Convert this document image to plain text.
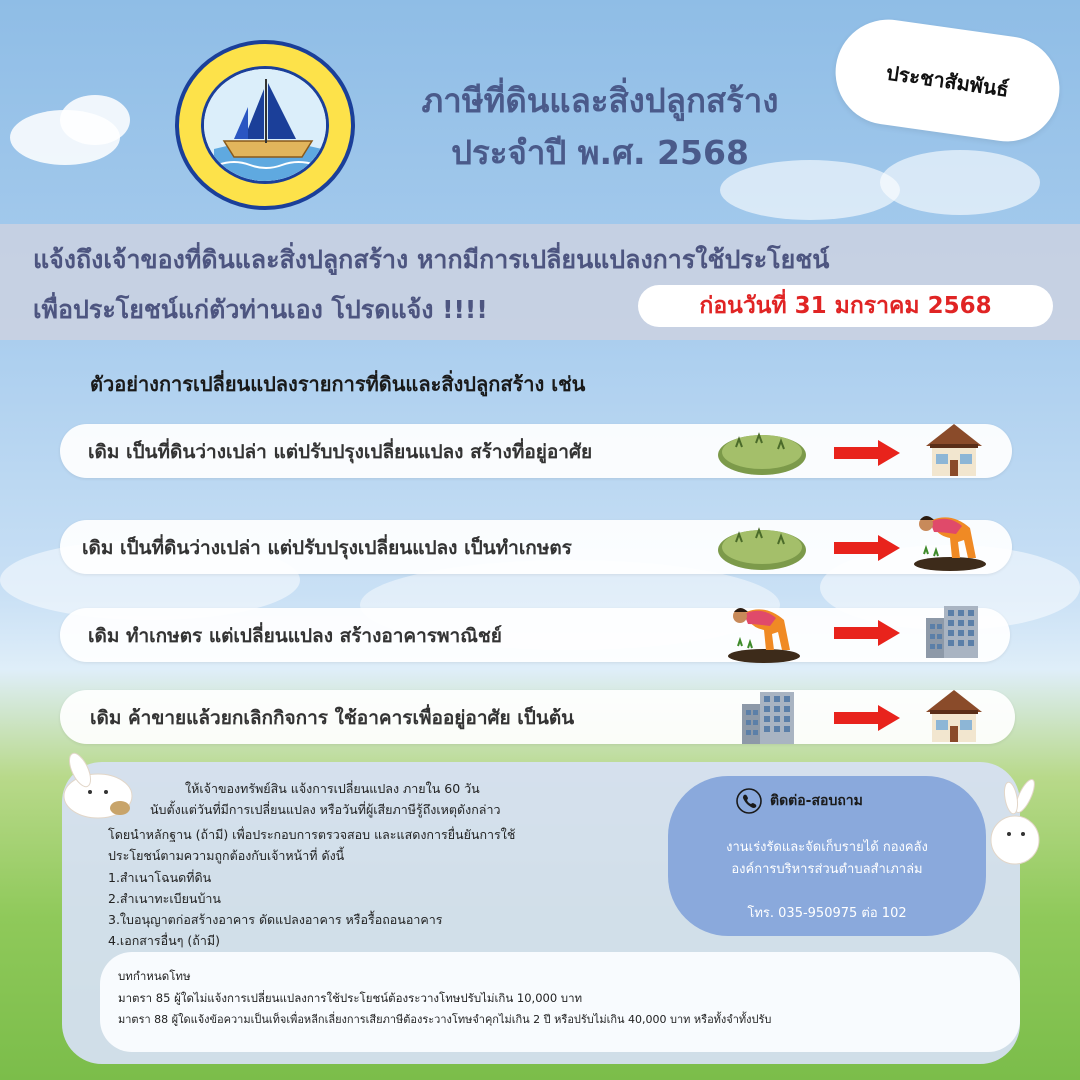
ภาษีที่ดินและสิ่งปลูกสร้าง
ประจำปี พ.ศ. 2568
ประชาสัมพันธ์
แจ้งถึงเจ้าของที่ดินและสิ่งปลูกสร้าง หากมีการเปลี่ยนแปลงการใช้ประโยชน์
เพื่อประโยชน์แก่ตัวท่านเอง โปรดแจ้ง !!!!	ก่อนวันที่ 31 มกราคม 2568
ตัวอย่างการเปลี่ยนแปลงรายการที่ดินและสิ่งปลูกสร้าง เช่น
เดิม เป็นที่ดินว่างเปล่า แต่ปรับปรุงเปลี่ยนแปลง สร้างที่อยู่อาศัย
เดิม เป็นที่ดินว่างเปล่า แต่ปรับปรุงเปลี่ยนแปลง เป็นทำเกษตร
เดิม ทำเกษตร แต่เปลี่ยนแปลง สร้างอาคารพาณิชย์
เดิม ค้าขายแล้วยกเลิกกิจการ ใช้อาคารเพื่ออยู่อาศัย เป็นต้น
ให้เจ้าของทรัพย์สิน แจ้งการเปลี่ยนแปลง ภายใน 60 วัน
นับตั้งแต่วันที่มีการเปลี่ยนแปลง หรือวันที่ผู้เสียภาษีรู้ถึงเหตุดังกล่าว
โดยนำหลักฐาน (ถ้ามี) เพื่อประกอบการตรวจสอบ และแสดงการยื่นยันการใช้
ประโยชน์ตามความถูกต้องกับเจ้าหน้าที่ ดังนี้
1.สำเนาโฉนดที่ดิน
2.สำเนาทะเบียนบ้าน
3.ใบอนุญาตก่อสร้างอาคาร ดัดแปลงอาคาร หรือรื้อถอนอาคาร
4.เอกสารอื่นๆ (ถ้ามี)
ติดต่อ-สอบถาม
งานเร่งรัดและจัดเก็บรายได้ กองคลัง
องค์การบริหารส่วนตำบลสำเภาล่ม
โทร. 035-950975 ต่อ 102
บทกำหนดโทษ
มาตรา 85 ผู้ใดไม่แจ้งการเปลี่ยนแปลงการใช้ประโยชน์ต้องระวางโทษปรับไม่เกิน 10,000 บาท
มาตรา 88 ผู้ใดแจ้งข้อความเป็นเท็จเพื่อหลีกเลี่ยงการเสียภาษีต้องระวางโทษจำคุกไม่เกิน 2 ปี หรือปรับไม่เกิน 40,000 บาท หรือทั้งจำทั้งปรับ
